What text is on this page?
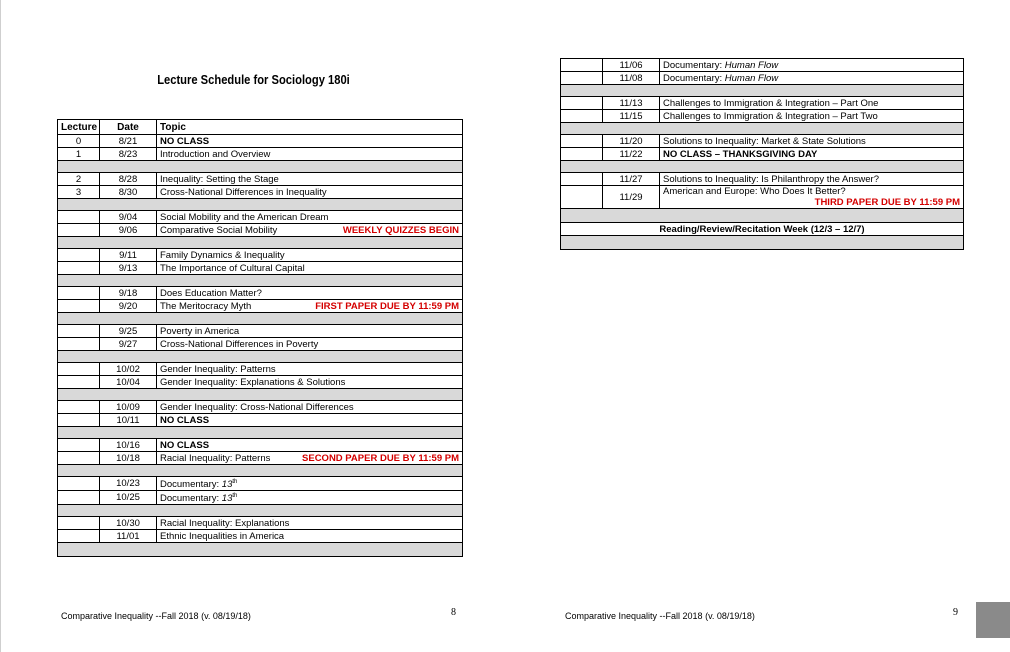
Lecture Schedule for Sociology 180i
Lecture	Date	Topic
0	8/21	NO CLASS
1	8/23	Introduction and Overview

2	8/28	Inequality: Setting the Stage
3	8/30	Cross-National Differences in Inequality

	9/04	Social Mobility and the American Dream
	9/06	Comparative Social Mobility WEEKLY QUIZZES BEGIN

	9/11	Family Dynamics & Inequality
	9/13	The Importance of Cultural Capital

	9/18	Does Education Matter?
	9/20	The Meritocracy Myth FIRST PAPER DUE BY 11:59 PM

	9/25	Poverty in America
	9/27	Cross-National Differences in Poverty

	10/02	Gender Inequality: Patterns
	10/04	Gender Inequality: Explanations & Solutions

	10/09	Gender Inequality: Cross-National Differences
	10/11	NO CLASS

	10/16	NO CLASS
	10/18	Racial Inequality: Patterns SECOND PAPER DUE BY 11:59 PM

	10/23	Documentary: 13th
	10/25	Documentary: 13th

	10/30	Racial Inequality: Explanations
	11/01	Ethnic Inequalities in America

Comparative Inequality --Fall 2018 (v. 08/19/18)	8	Comparative Inequality --Fall 2018 (v. 08/19/18)	9
	11/06	Documentary: Human Flow
	11/08	Documentary: Human Flow

	11/13	Challenges to Immigration & Integration – Part One
	11/15	Challenges to Immigration & Integration – Part Two

	11/20	Solutions to Inequality: Market & State Solutions
	11/22	NO CLASS – THANKSGIVING DAY

	11/27	Solutions to Inequality: Is Philanthropy the Answer?
	11/29	American and Europe: Who Does It Better?
THIRD PAPER DUE BY 11:59 PM

Reading/Review/Recitation Week (12/3 – 12/7)		
